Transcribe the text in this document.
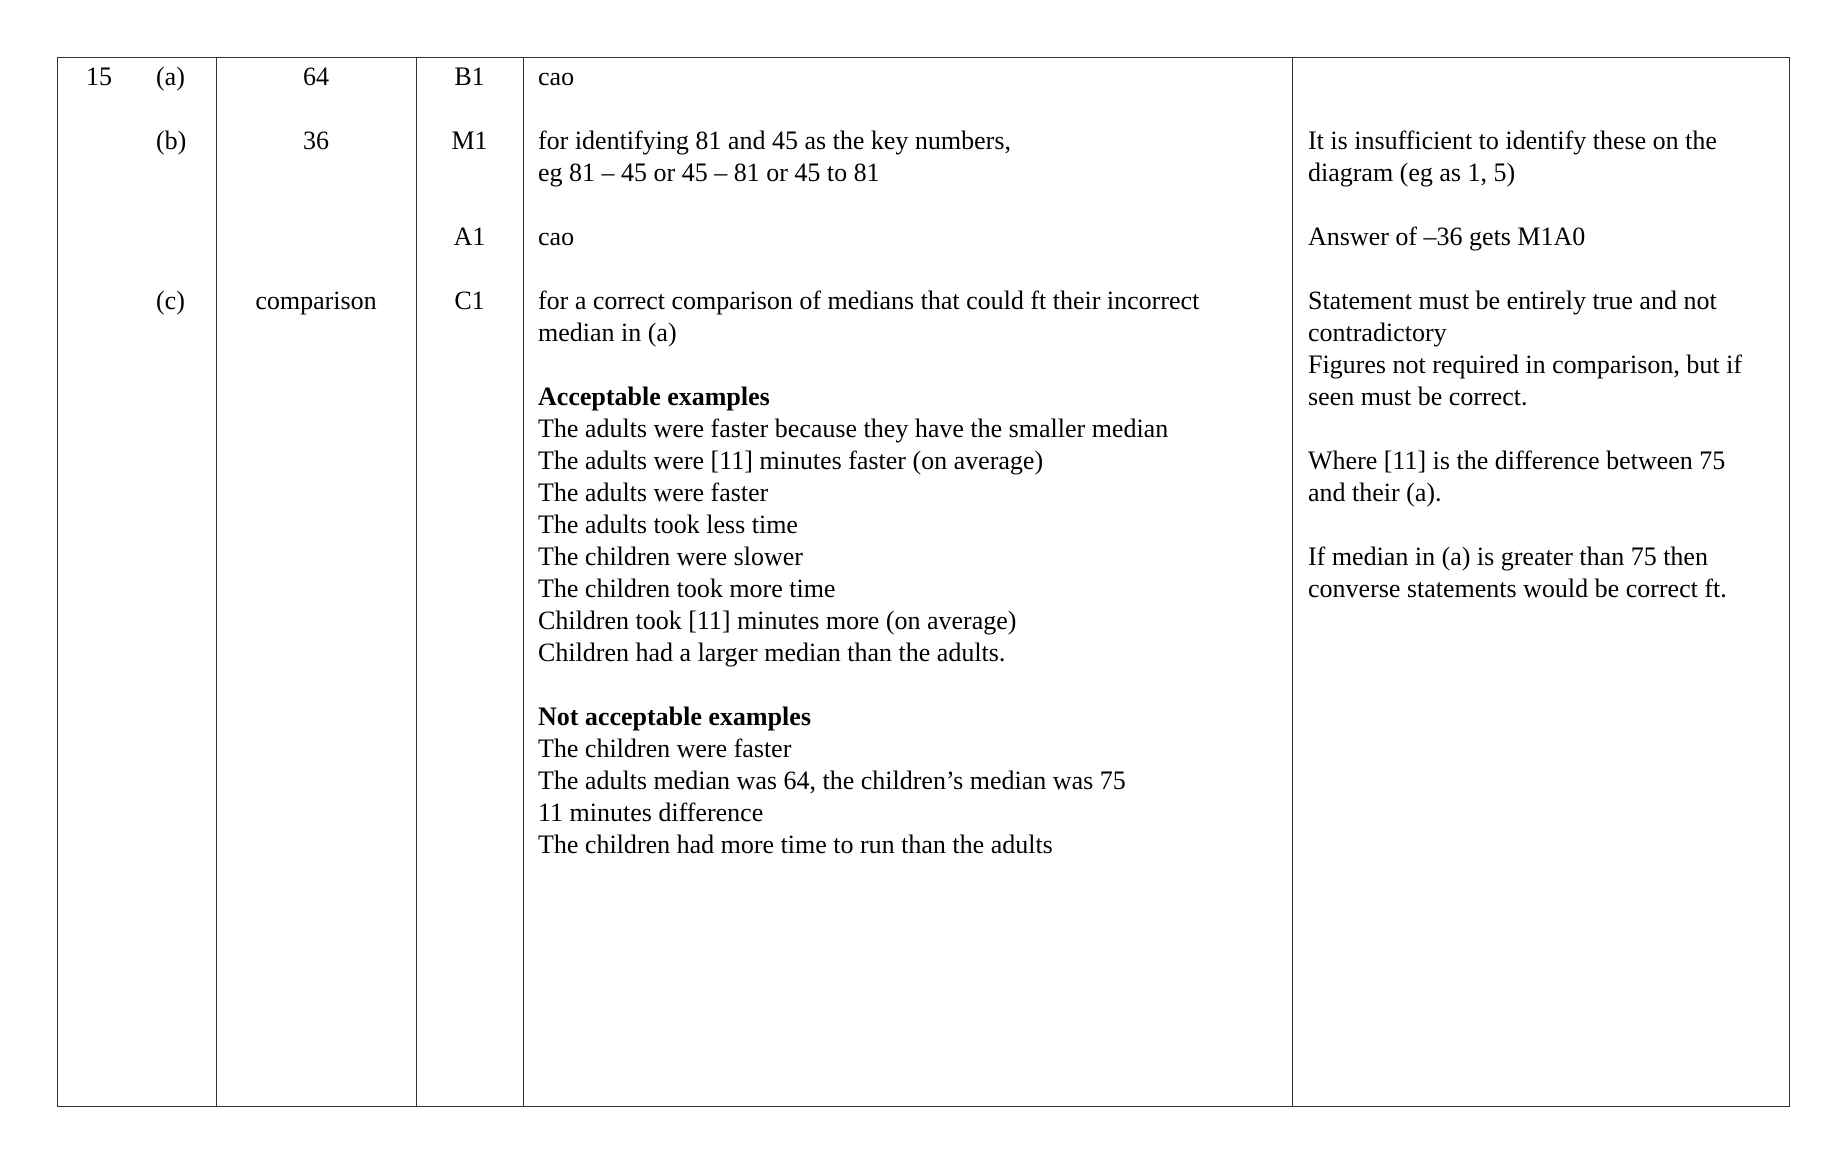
15 (a)
(b)
(c)
64
36
comparison
B1
M1
A1
C1
cao
for identifying 81 and 45 as the key numbers,
eg 81 – 45 or 45 – 81 or 45 to 81
cao
for a correct comparison of medians that could ft their incorrect
median in (a)
Acceptable examples
The adults were faster because they have the smaller median
The adults were [11] minutes faster (on average)
The adults were faster
The adults took less time
The children were slower
The children took more time
Children took [11] minutes more (on average)
Children had a larger median than the adults.
Not acceptable examples
The children were faster
The adults median was 64, the children’s median was 75
11 minutes difference
The children had more time to run than the adults
It is insufficient to identify these on the
diagram (eg as 1, 5)
Answer of –36 gets M1A0
Statement must be entirely true and not
contradictory
Figures not required in comparison, but if
seen must be correct.
Where [11] is the difference between 75
and their (a).
If median in (a) is greater than 75 then
converse statements would be correct ft.
